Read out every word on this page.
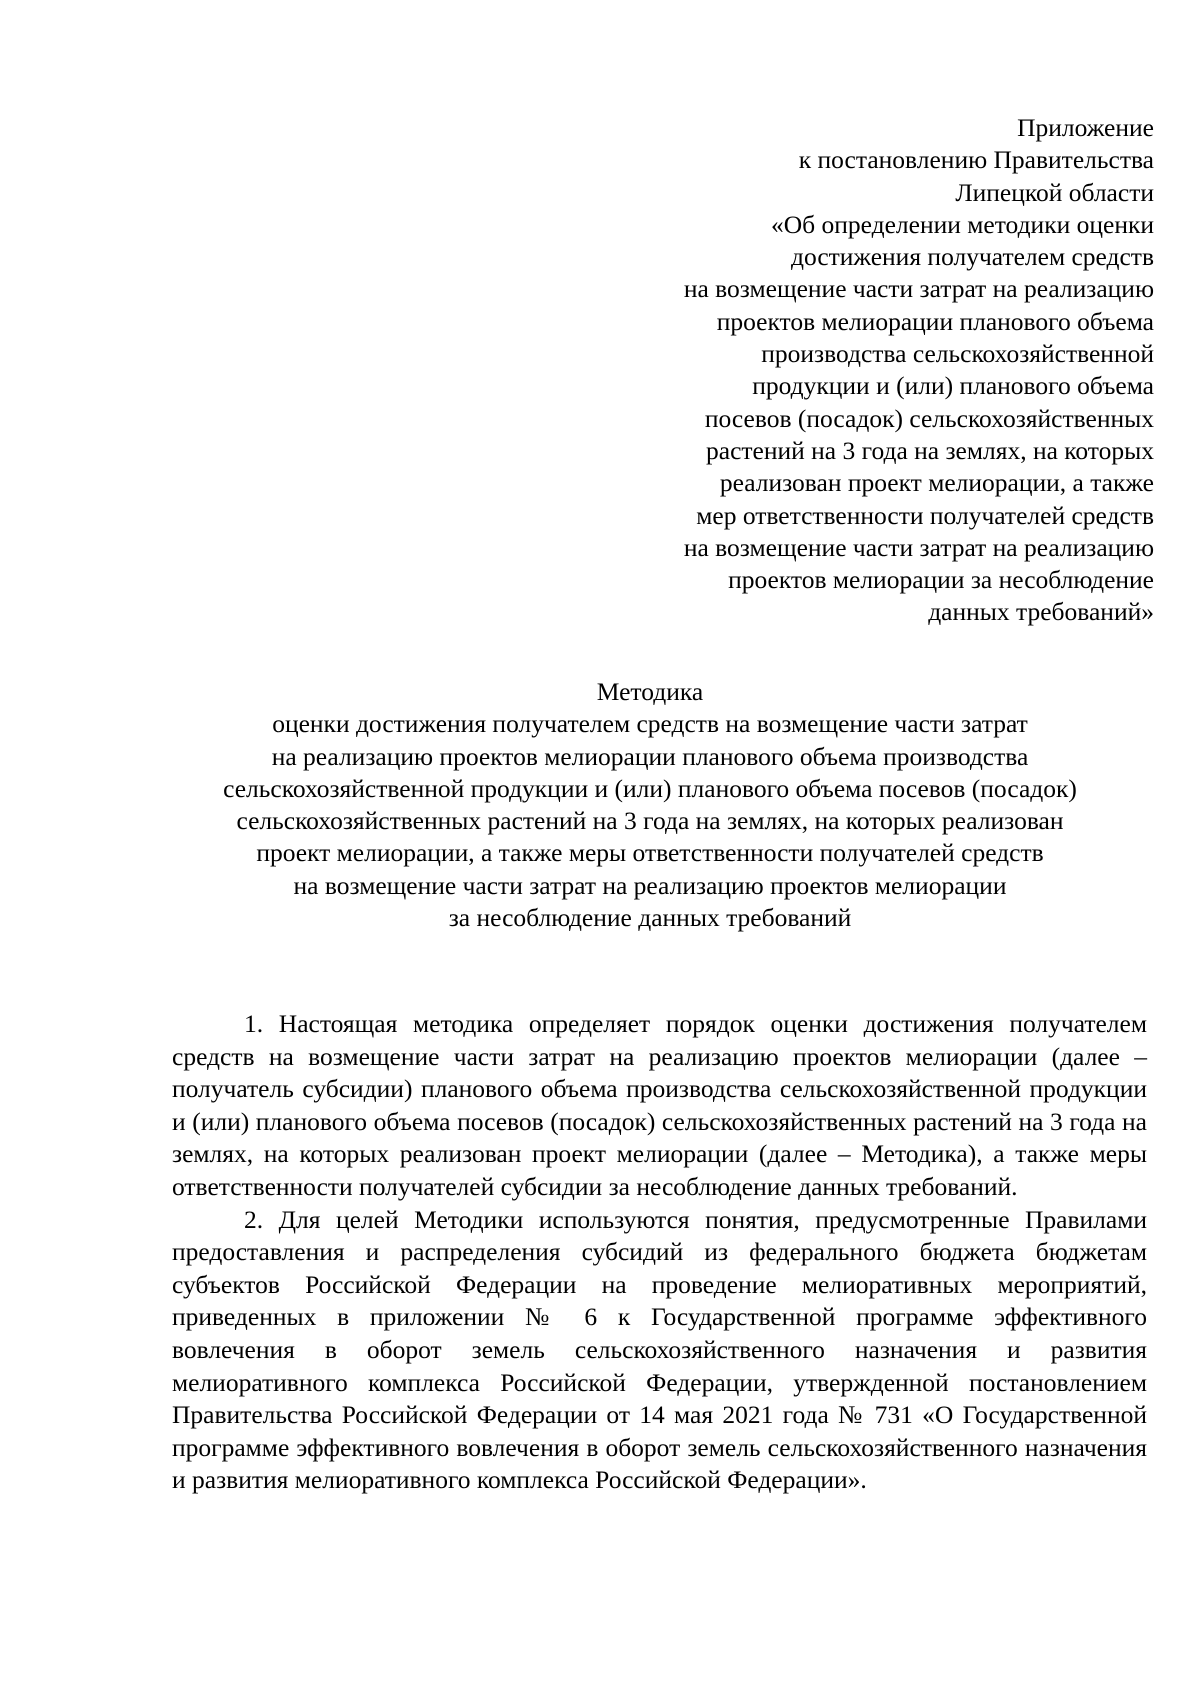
Приложение
к постановлению Правительства
Липецкой области
«Об определении методики оценки
достижения получателем средств
на возмещение части затрат на реализацию
проектов мелиорации планового объема
производства сельскохозяйственной
продукции и (или) планового объема
посевов (посадок) сельскохозяйственных
растений на 3 года на землях, на которых
реализован проект мелиорации, а также
мер ответственности получателей средств
на возмещение части затрат на реализацию
проектов мелиорации за несоблюдение
данных требований»
Методика
оценки достижения получателем средств на возмещение части затрат
на реализацию проектов мелиорации планового объема производства
сельскохозяйственной продукции и (или) планового объема посевов (посадок)
сельскохозяйственных растений на 3 года на землях, на которых реализован
проект мелиорации, а также меры ответственности получателей средств
на возмещение части затрат на реализацию проектов мелиорации
за несоблюдение данных требований

1. Настоящая методика определяет порядок оценки достижения получателем средств на возмещение части затрат на реализацию проектов мелиорации (далее – получатель субсидии) планового объема производства сельскохозяйственной продукции и (или) планового объема посевов (посадок) сельскохозяйственных растений на 3 года на землях, на которых реализован проект мелиорации (далее – Методика), а также меры ответственности получателей субсидии за несоблюдение данных требований.

2. Для целей Методики используются понятия, предусмотренные Правилами предоставления и распределения субсидий из федерального бюджета бюджетам субъектов Российской Федерации на проведение мелиоративных мероприятий, приведенных в приложении № 6 к Государственной программе эффективного вовлечения в оборот земель сельскохозяйственного назначения и развития мелиоративного комплекса Российской Федерации, утвержденной постановлением Правительства Российской Федерации от 14 мая 2021 года № 731 «О Государственной программе эффективного вовлечения в оборот земель сельскохозяйственного назначения и развития мелиоративного комплекса Российской Федерации».
